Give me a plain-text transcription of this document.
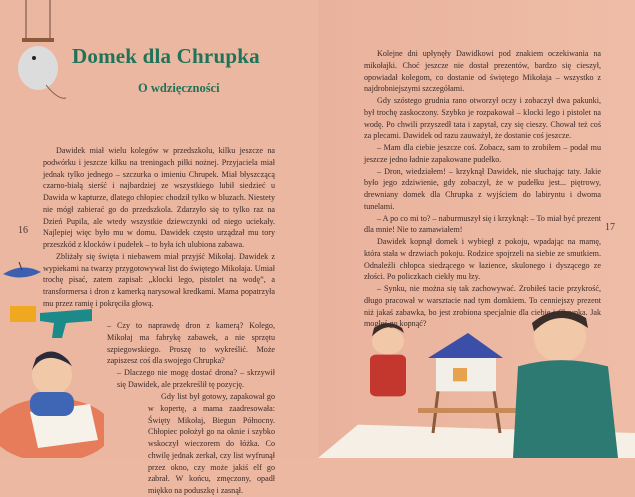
Domek dla Chrupka
O wdzięczności

Dawidek miał wielu kolegów w przedszkolu, kilku jeszcze na podwórku i jeszcze kilku na treningach piłki nożnej. Przyjaciela miał jednak tylko jednego – szczurka o imieniu Chrupek. Miał błyszczącą czarno-białą sierść i najbardziej ze wszystkiego lubił siedzieć u Dawida w kapturze, dlatego chłopiec chodził tylko w bluzach. Niestety nie mógł zabierać go do przedszkola. Zdarzyło się to tylko raz na Dzień Pupila, ale wtedy wszystkie dziewczynki od niego uciekały. Najlepiej więc było mu w domu. Dawidek często urządzał mu tory przeszkód z klocków i pudełek – to była ich ulubiona zabawa.

Zbliżały się święta i niebawem miał przyjść Mikołaj. Dawidek z wypiekami na twarzy przygotowywał list do świętego Mikołaja. Umiał trochę pisać, zatem zapisał: „klocki lego, pistolet na wodę”, a transformersa i dron z kamerką narysował kredkami. Mama popatrzyła mu przez ramię i pokręciła głową.

– Czy to naprawdę dron z kamerą? Kolego, Mikołaj ma fabrykę zabawek, a nie sprzętu szpiegowskiego. Proszę to wykreślić. Może zapiszesz coś dla swojego Chrupka?

– Dlaczego nie mogę dostać drona? – skrzywił się Dawidek, ale przekreślił tę pozycję.

Gdy list był gotowy, zapakował go w kopertę, a mama zaadresowała: Święty Mikołaj, Biegun Północny. Chłopiec położył go na oknie i szybko wskoczył wieczorem do łóżka. Co chwilę jednak zerkał, czy list wyfrunął przez okno, czy może jakiś elf go zabrał. W końcu, zmęczony, opadł miękko na poduszkę i zasnął.

16

Kolejne dni upłynęły Dawidkowi pod znakiem oczekiwania na mikołajki. Choć jeszcze nie dostał prezentów, bardzo się cieszył, opowiadał kolegom, co dostanie od świętego Mikołaja – wszystko z najdrobniejszymi szczegółami.

Gdy szóstego grudnia rano otworzył oczy i zobaczył dwa pakunki, był trochę zaskoczony. Szybko je rozpakował – klocki lego i pistolet na wodę. Po chwili przyszedł tata i zapytał, czy się cieszy. Chował też coś za plecami. Dawidek od razu zauważył, że dostanie coś jeszcze.

– Mam dla ciebie jeszcze coś. Zobacz, sam to zrobiłem – podał mu jeszcze jedno ładnie zapakowane pudełko.

– Dron, wiedziałem! – krzyknął Dawidek, nie słuchając taty. Jakie było jego zdziwienie, gdy zobaczył, że w pudełku jest... piętrowy, drewniany domek dla Chrupka z wyjściem do labiryntu i dwoma tunelami.

– A po co mi to? – naburmuszył się i krzyknął: – To miał być prezent dla mnie! Nie to zamawiałem!

Dawidek kopnął domek i wybiegł z pokoju, wpadając na mamę, która stała w drzwiach pokoju. Rodzice spojrzeli na siebie ze smutkiem. Odnaleźli chłopca siedzącego w łazience, skulonego i dyszącego ze złości. Po policzkach ciekły mu łzy.

– Synku, nie można się tak zachowywać. Zrobiłeś tacie przykrość, długo pracował w warsztacie nad tym domkiem. To cenniejszy prezent niż jakaś zabawka, bo jest zrobiona specjalnie dla ciebie i Chrupka. Jak mogłeś go kopnąć?

17
